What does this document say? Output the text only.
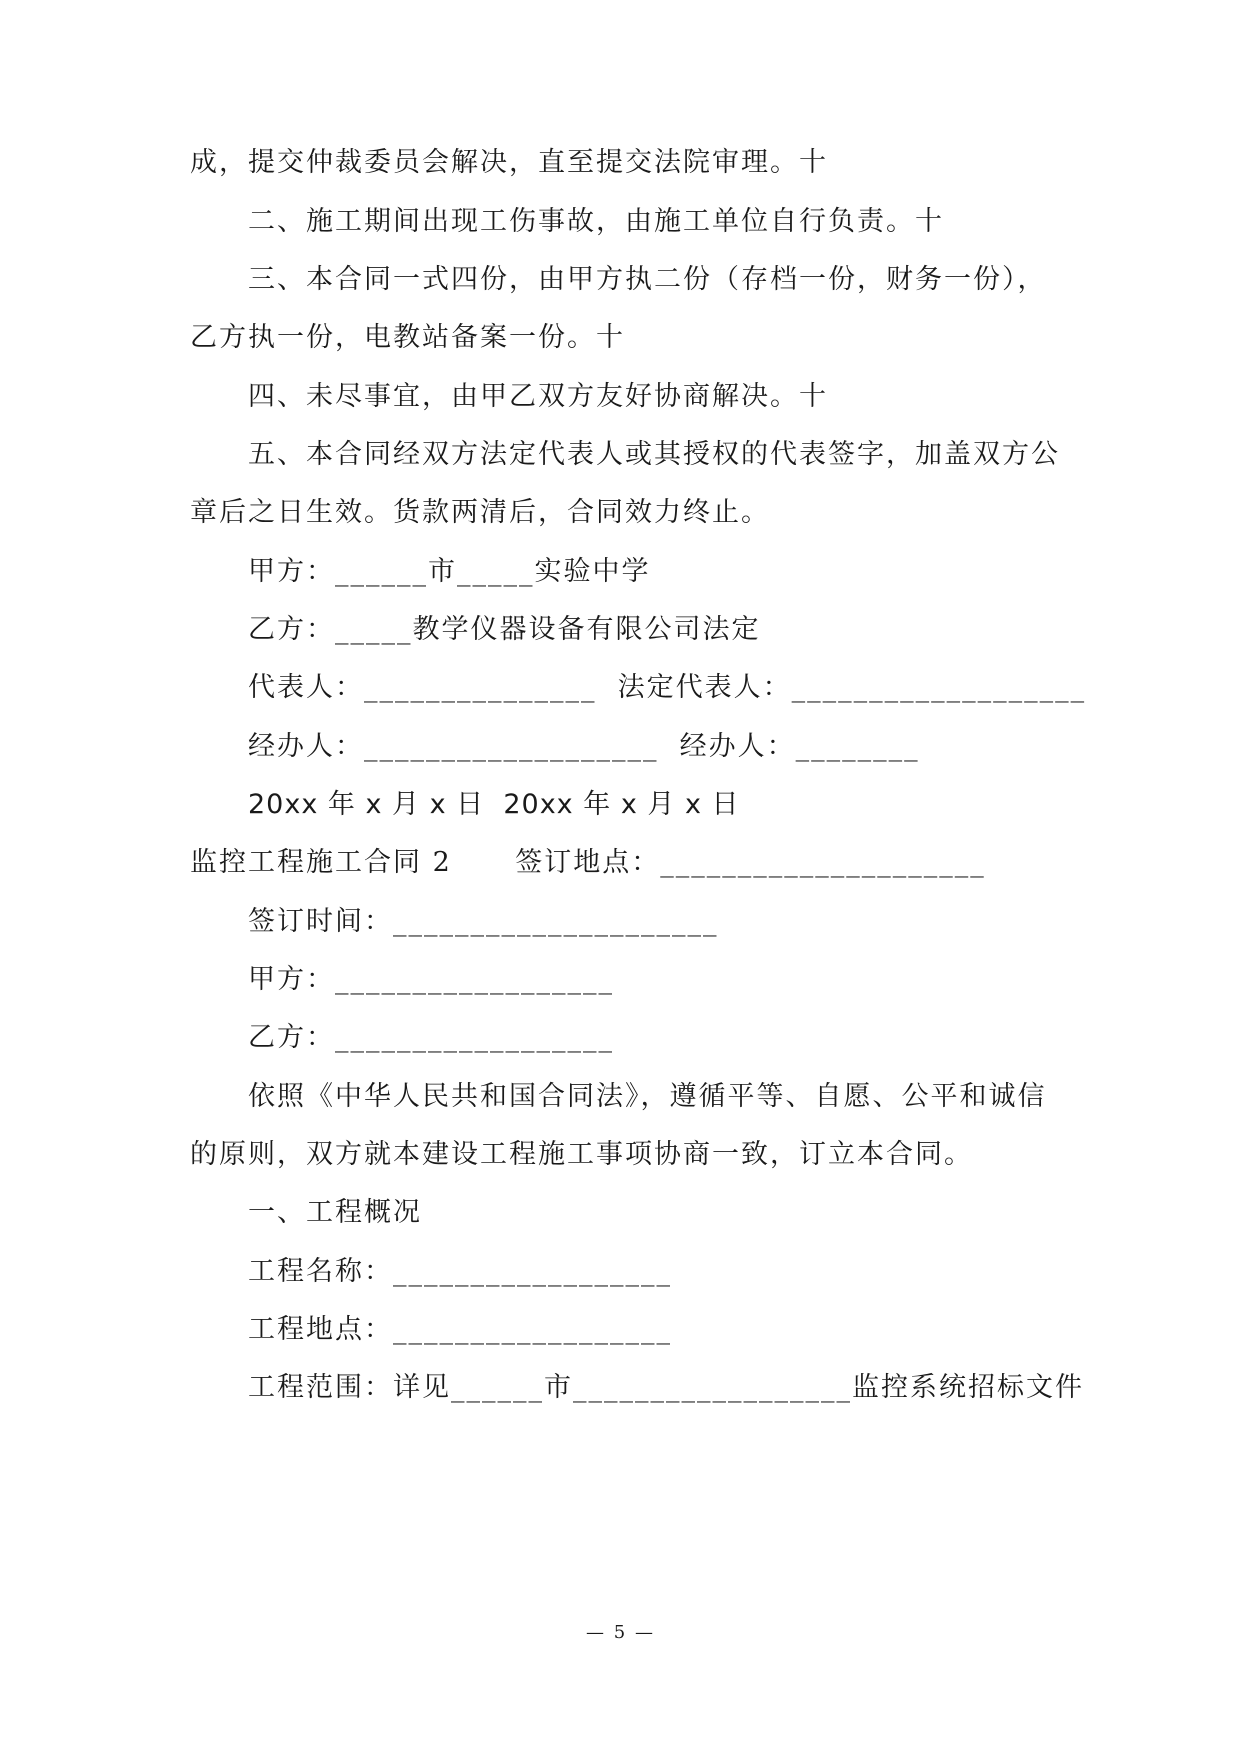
成，提交仲裁委员会解决，直至提交法院审理。十
二、施工期间出现工伤事故，由施工单位自行负责。十
三、本合同一式四份，由甲方执二份（存档一份，财务一份），
乙方执一份，电教站备案一份。十
四、未尽事宜，由甲乙双方友好协商解决。十
五、本合同经双方法定代表人或其授权的代表签字，加盖双方公
章后之日生效。货款两清后，合同效力终止。
甲方：______市_____实验中学
乙方：_____教学仪器设备有限公司法定
代表人：_______________  法定代表人：___________________
经办人：___________________  经办人：________
20xx 年 x 月 x 日  20xx 年 x 月 x 日
监控工程施工合同 2      签订地点：_____________________
签订时间：_____________________
甲方：__________________
乙方：__________________
依照《中华人民共和国合同法》，遵循平等、自愿、公平和诚信
的原则，双方就本建设工程施工事项协商一致，订立本合同。
一、工程概况
工程名称：__________________
工程地点：__________________
工程范围：详见______市__________________监控系统招标文件
— 5 —
